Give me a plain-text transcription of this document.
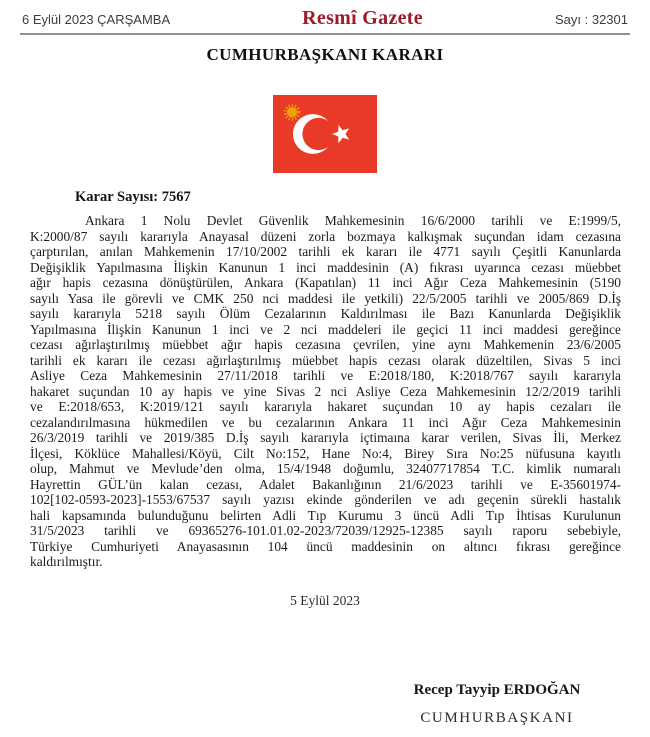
6 Eylül 2023 ÇARŞAMBA	Resmî Gazete	Sayı : 32301
CUMHURBAŞKANI KARARI
Karar Sayısı: 7567
Ankara 1 Nolu Devlet Güvenlik Mahkemesinin 16/6/2000 tarihli ve E:1999/5,
K:2000/87 sayılı kararıyla Anayasal düzeni zorla bozmaya kalkışmak suçundan idam cezasına
çarptırılan, anılan Mahkemenin 17/10/2002 tarihli ek kararı ile 4771 sayılı Çeşitli Kanunlarda
Değişiklik Yapılmasına İlişkin Kanunun 1 inci maddesinin (A) fıkrası uyarınca cezası müebbet
ağır hapis cezasına dönüştürülen, Ankara (Kapatılan) 11 inci Ağır Ceza Mahkemesinin (5190
sayılı Yasa ile görevli ve CMK 250 nci maddesi ile yetkili) 22/5/2005 tarihli ve 2005/869 D.İş
sayılı kararıyla 5218 sayılı Ölüm Cezalarının Kaldırılması ile Bazı Kanunlarda Değişiklik
Yapılmasına İlişkin Kanunun 1 inci ve 2 nci maddeleri ile geçici 11 inci maddesi gereğince
cezası ağırlaştırılmış müebbet ağır hapis cezasına çevrilen, yine aynı Mahkemenin 23/6/2005
tarihli ek kararı ile cezası ağırlaştırılmış müebbet hapis cezası olarak düzeltilen, Sivas 5 inci
Asliye Ceza Mahkemesinin 27/11/2018 tarihli ve E:2018/180, K:2018/767 sayılı kararıyla
hakaret suçundan 10 ay hapis ve yine Sivas 2 nci Asliye Ceza Mahkemesinin 12/2/2019 tarihli
ve E:2018/653, K:2019/121 sayılı kararıyla hakaret suçundan 10 ay hapis cezaları ile
cezalandırılmasına hükmedilen ve bu cezalarının Ankara 11 inci Ağır Ceza Mahkemesinin
26/3/2019 tarihli ve 2019/385 D.İş sayılı kararıyla içtimaına karar verilen, Sivas İli, Merkez
İlçesi, Köklüce Mahallesi/Köyü, Cilt No:152, Hane No:4, Birey Sıra No:25 nüfusuna kayıtlı
olup, Mahmut ve Mevlude’den olma, 15/4/1948 doğumlu, 32407717854 T.C. kimlik numaralı
Hayrettin GÜL’ün kalan cezası, Adalet Bakanlığının 21/6/2023 tarihli ve E-35601974-
102[102-0593-2023]-1553/67537 sayılı yazısı ekinde gönderilen ve adı geçenin sürekli hastalık
hali kapsamında bulunduğunu belirten Adli Tıp Kurumu 3 üncü Adli Tıp İhtisas Kurulunun
31/5/2023 tarihli ve 69365276-101.01.02-2023/72039/12925-12385 sayılı raporu sebebiyle,
Türkiye Cumhuriyeti Anayasasının 104 üncü maddesinin on altıncı fıkrası gereğince
kaldırılmıştır.
5 Eylül 2023
Recep Tayyip ERDOĞAN
CUMHURBAŞKANI
